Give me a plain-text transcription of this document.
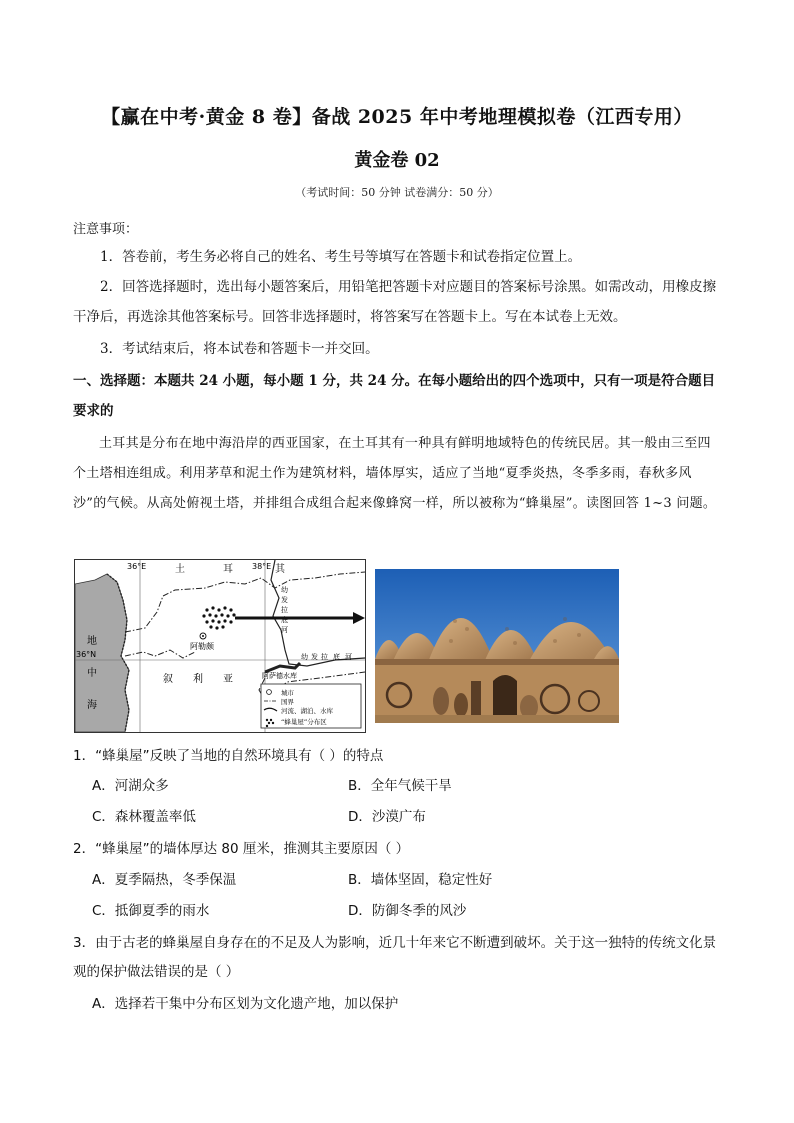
【赢在中考·黄金 8 卷】备战 2025 年中考地理模拟卷（江西专用）
黄金卷 02
（考试时间：50 分钟 试卷满分：50 分）
注意事项：
1．答卷前，考生务必将自己的姓名、考生号等填写在答题卡和试卷指定位置上。
2．回答选择题时，选出每小题答案后，用铅笔把答题卡对应题目的答案标号涂黑。如需改动，用橡皮擦干净后，再选涂其他答案标号。回答非选择题时，将答案写在答题卡上。写在本试卷上无效。
3．考试结束后，将本试卷和答题卡一并交回。
一、选择题：本题共 24 小题，每小题 1 分，共 24 分。在每小题给出的四个选项中，只有一项是符合题目要求的
土耳其是分布在地中海沿岸的西亚国家，在土耳其有一种具有鲜明地域特色的传统民居。其一般由三至四个土塔相连组成。利用茅草和泥土作为建筑材料，墙体厚实，适应了当地“夏季炎热，冬季多雨，春秋多风沙”的气候。从高处俯视土塔，并排组合成组合起来像蜂窝一样，所以被称为“蜂巢屋”。读图回答 1~3 问题。
阿勒颇
36°E	38°E
36°N
土	耳	其
叙 利 亚
地
中
海
幼
发
拉
底
河
幼 发 拉 底 河
阿萨德水库
城市
国界
河流、湖泊、水库
“蜂巢屋”分布区
1．“蜂巢屋”反映了当地的自然环境具有（ ）的特点
A．河湖众多	B．全年气候干旱
C．森林覆盖率低	D．沙漠广布
2．“蜂巢屋”的墙体厚达 80 厘米，推测其主要原因（ ）
A．夏季隔热，冬季保温	B．墙体坚固，稳定性好
C．抵御夏季的雨水	D．防御冬季的风沙
3．由于古老的蜂巢屋自身存在的不足及人为影响，近几十年来它不断遭到破坏。关于这一独特的传统文化景观的保护做法错误的是（ ）
A．选择若干集中分布区划为文化遗产地，加以保护
